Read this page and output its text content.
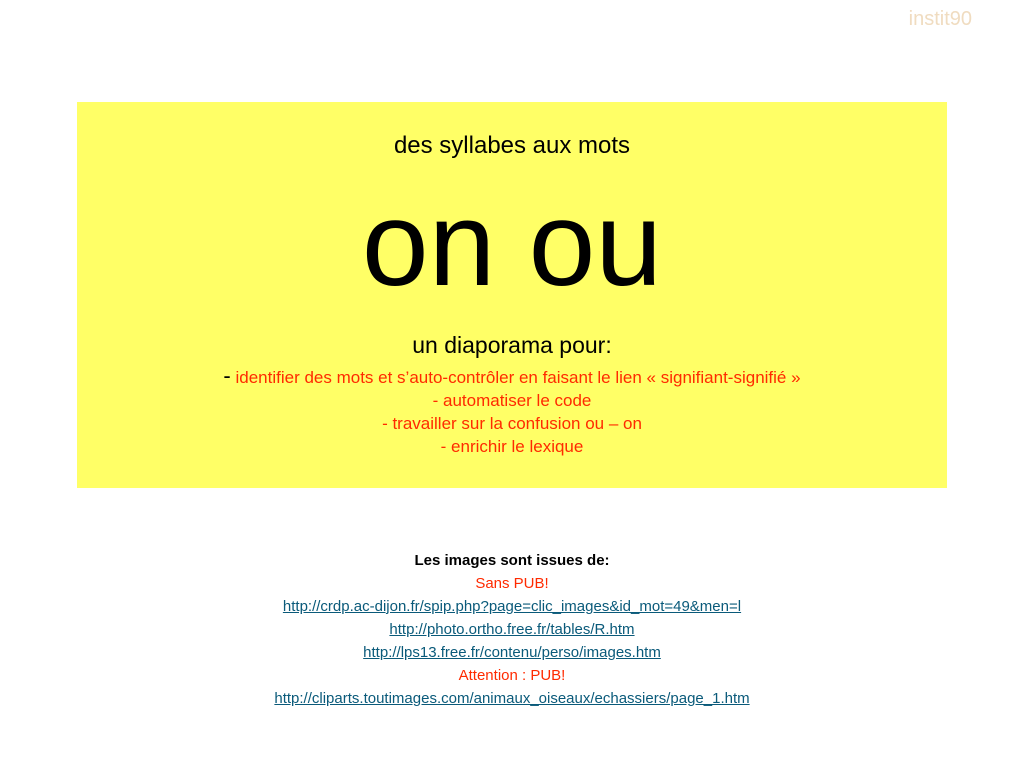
instit90
des syllabes aux mots
on ou
un diaporama pour:
- identifier des mots et s’auto-contrôler en faisant le lien « signifiant-signifié »
- automatiser le code
- travailler sur la confusion ou – on
- enrichir le lexique
Les images sont issues de:
Sans PUB!
http://crdp.ac-dijon.fr/spip.php?page=clic_images&id_mot=49&men=l
http://photo.ortho.free.fr/tables/R.htm
http://lps13.free.fr/contenu/perso/images.htm
Attention : PUB!
http://cliparts.toutimages.com/animaux_oiseaux/echassiers/page_1.htm
